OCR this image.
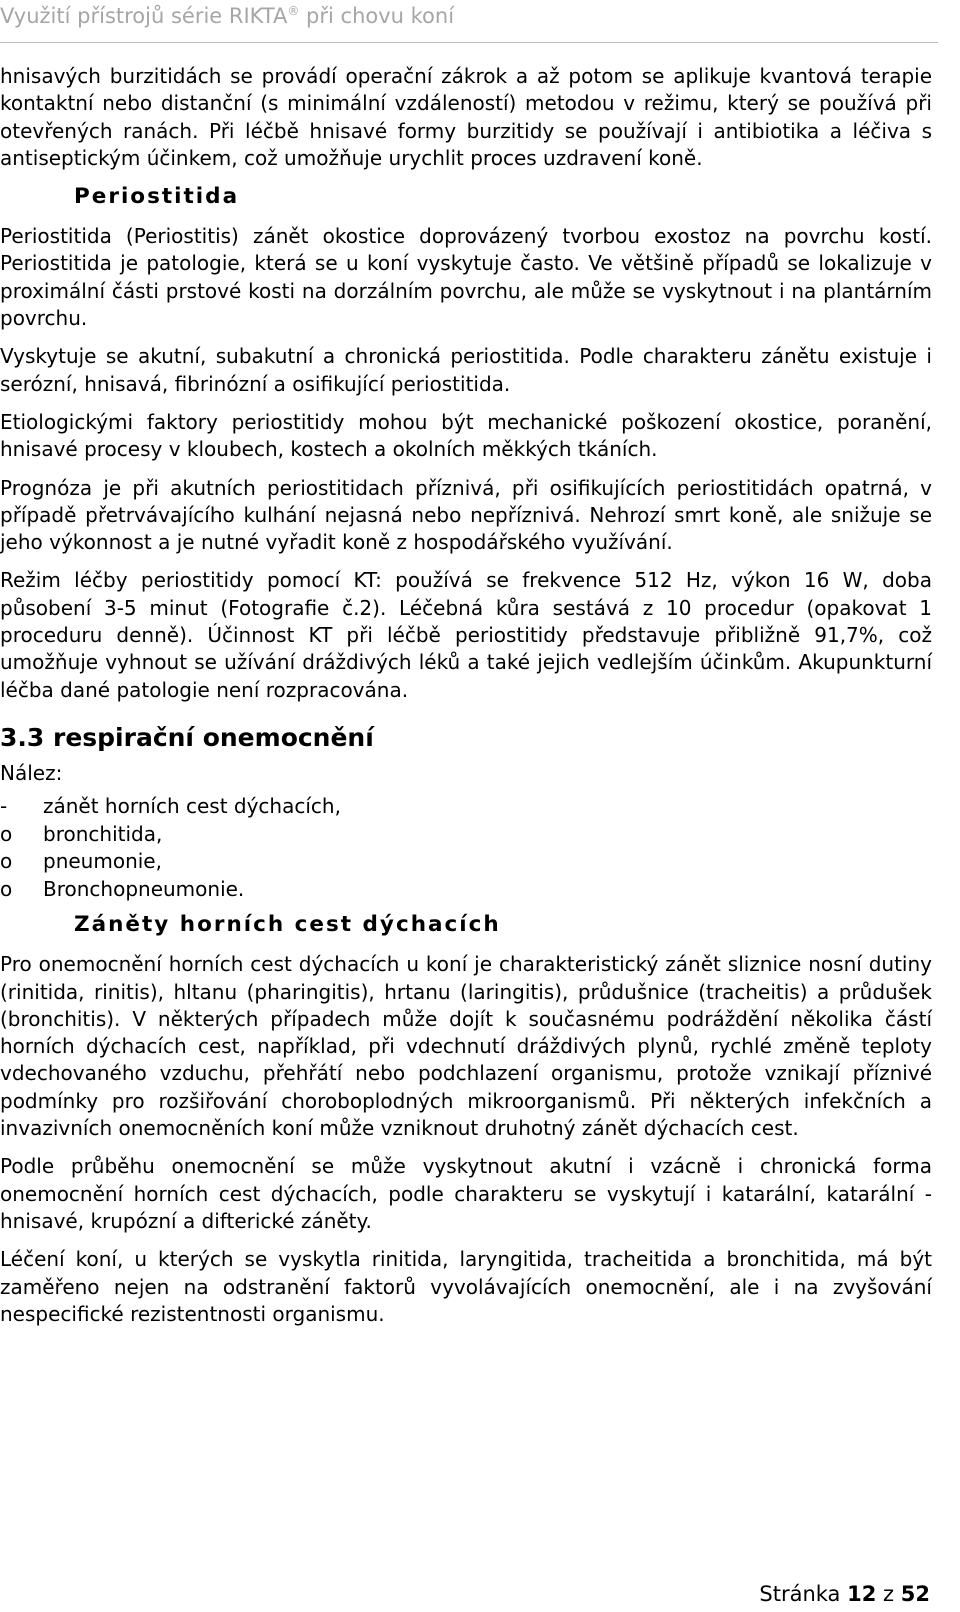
Využití přístrojů série RIKTA® při chovu koní

hnisavých burzitidách se provádí operační zákrok a až potom se aplikuje kvantová terapie kontaktní nebo distanční (s minimální vzdáleností) metodou v režimu, který se používá při otevřených ranách. Při léčbě hnisavé formy burzitidy se používají i antibiotika a léčiva s antiseptickým účinkem, což umožňuje urychlit proces uzdravení koně.

Periostitida

Periostitida (Periostitis) zánět okostice doprovázený tvorbou exostoz na povrchu kostí. Periostitida je patologie, která se u koní vyskytuje často. Ve většině případů se lokalizuje v proximální části prstové kosti na dorzálním povrchu, ale může se vyskytnout i na plantárním povrchu.

Vyskytuje se akutní, subakutní a chronická periostitida. Podle charakteru zánětu existuje i serózní, hnisavá, fibrinózní a osifikující periostitida.

Etiologickými faktory periostitidy mohou být mechanické poškození okostice, poranění, hnisavé procesy v kloubech, kostech a okolních měkkých tkáních.

Prognóza je při akutních periostitidach příznivá, při osifikujících periostitidách opatrná, v případě přetrvávajícího kulhání nejasná nebo nepříznivá. Nehrozí smrt koně, ale snižuje se jeho výkonnost a je nutné vyřadit koně z hospodářského využívání.

Režim léčby periostitidy pomocí KT: používá se frekvence 512 Hz, výkon 16 W, doba působení 3-5 minut (Fotografie č.2). Léčebná kůra sestává z 10 procedur (opakovat 1 proceduru denně). Účinnost KT při léčbě periostitidy představuje přibližně 91,7%, což umožňuje vyhnout se užívání dráždivých léků a také jejich vedlejším účinkům. Akupunkturní léčba dané patologie není rozpracována.

3.3 respirační onemocnění
Nález:
-	zánět horních cest dýchacích,
o	bronchitida,
o	pneumonie,
o	Bronchopneumonie.
Záněty horních cest dýchacích

Pro onemocnění horních cest dýchacích u koní je charakteristický zánět sliznice nosní dutiny (rinitida, rinitis), hltanu (pharingitis), hrtanu (laringitis), průdušnice (tracheitis) a průdušek (bronchitis). V některých případech může dojít k současnému podráždění několika částí horních dýchacích cest, například, při vdechnutí dráždivých plynů, rychlé změně teploty vdechovaného vzduchu, přehřátí nebo podchlazení organismu, protože vznikají příznivé podmínky pro rozšiřování choroboplodných mikroorganismů. Při některých infekčních a invazivních onemocněních koní může vzniknout druhotný zánět dýchacích cest.

Podle průběhu onemocnění se může vyskytnout akutní i vzácně i chronická forma onemocnění horních cest dýchacích, podle charakteru se vyskytují i katarální, katarální - hnisavé, krupózní a difterické záněty.

Léčení koní, u kterých se vyskytla rinitida, laryngitida, tracheitida a bronchitida, má být zaměřeno nejen na odstranění faktorů vyvolávajících onemocnění, ale i na zvyšování nespecifické rezistentnosti organismu.

Stránka 12 z 52
